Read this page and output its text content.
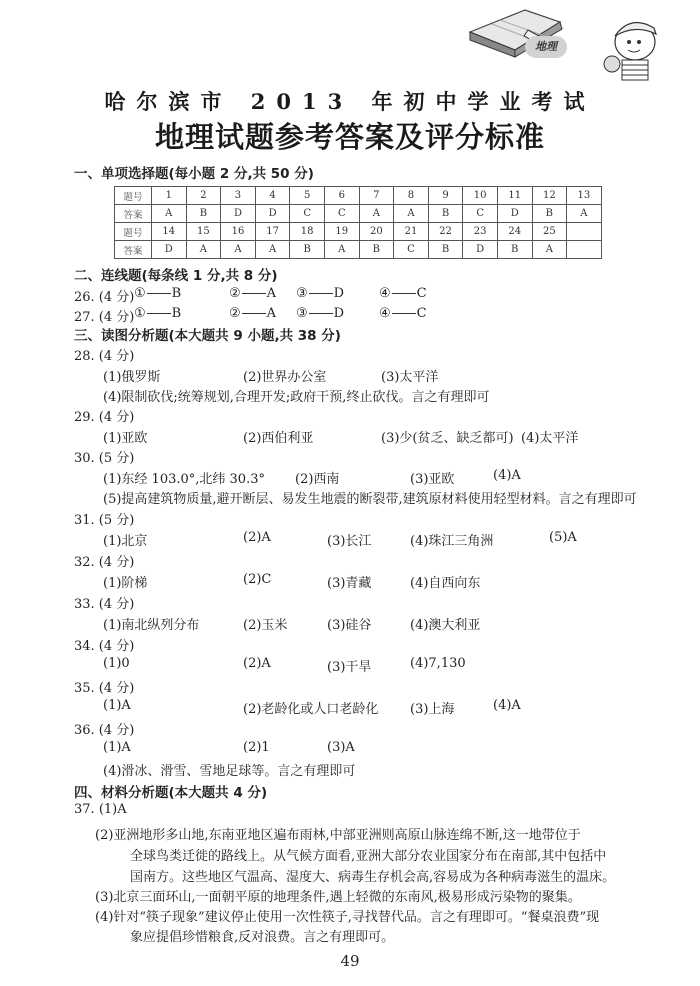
地理
哈尔滨市 2013 年初中学业考试
地理试题参考答案及评分标准
一、单项选择题(每小题 2 分,共 50 分)
题号	1	2	3	4	5	6	7	8	9	10	11	12	13
答案	A	B	D	D	C	C	A	A	B	C	D	B	A
题号	14	15	16	17	18	19	20	21	22	23	24	25	
答案	D	A	A	A	B	A	B	C	B	D	B	A	
二、连线题(每条线 1 分,共 8 分)
26. (4 分) ① B	② A	③ D	④ C
27. (4 分) ① B	② A	③ D	④ C
三、读图分析题(本大题共 9 小题,共 38 分)
28. (4 分)
(1)俄罗斯	(2)世界办公室	(3)太平洋
(4)限制砍伐;统筹规划,合理开发;政府干预,终止砍伐。言之有理即可
29. (4 分)
(1)亚欧	(2)西伯利亚	(3)少(贫乏、缺乏都可) (4)太平洋
30. (5 分)
(1)东经 103.0°,北纬 30.3° (2)西南	(3)亚欧	(4)A
(5)提高建筑物质量,避开断层、易发生地震的断裂带,建筑原材料使用轻型材料。言之有理即可
31. (5 分)
(1)北京	(2)A	(3)长江	(4)珠江三角洲	(5)A
32. (4 分)
(1)阶梯	(2)C	(3)青藏	(4)自西向东
33. (4 分)
(1)南北纵列分布	(2)玉米	(3)硅谷	(4)澳大利亚
34. (4 分)
(1)0	(2)A	(3)干旱	(4)7,130
35. (4 分)
(1)A	(2)老龄化或人口老龄化 (3)上海	(4)A
36. (4 分)
(1)A	(2)1	(3)A
(4)滑冰、滑雪、雪地足球等。言之有理即可
四、材料分析题(本大题共 4 分)
37. (1)A
(2)亚洲地形多山地,东南亚地区遍布雨林,中部亚洲则高原山脉连绵不断,这一地带位于
全球鸟类迁徙的路线上。从气候方面看,亚洲大部分农业国家分布在南部,其中包括中
国南方。这些地区气温高、湿度大、病毒生存机会高,容易成为各种病毒滋生的温床。
(3)北京三面环山,一面朝平原的地理条件,遇上轻微的东南风,极易形成污染物的聚集。
(4)针对“筷子现象”建议停止使用一次性筷子,寻找替代品。言之有理即可。“餐桌浪费”现
象应提倡珍惜粮食,反对浪费。言之有理即可。
49
